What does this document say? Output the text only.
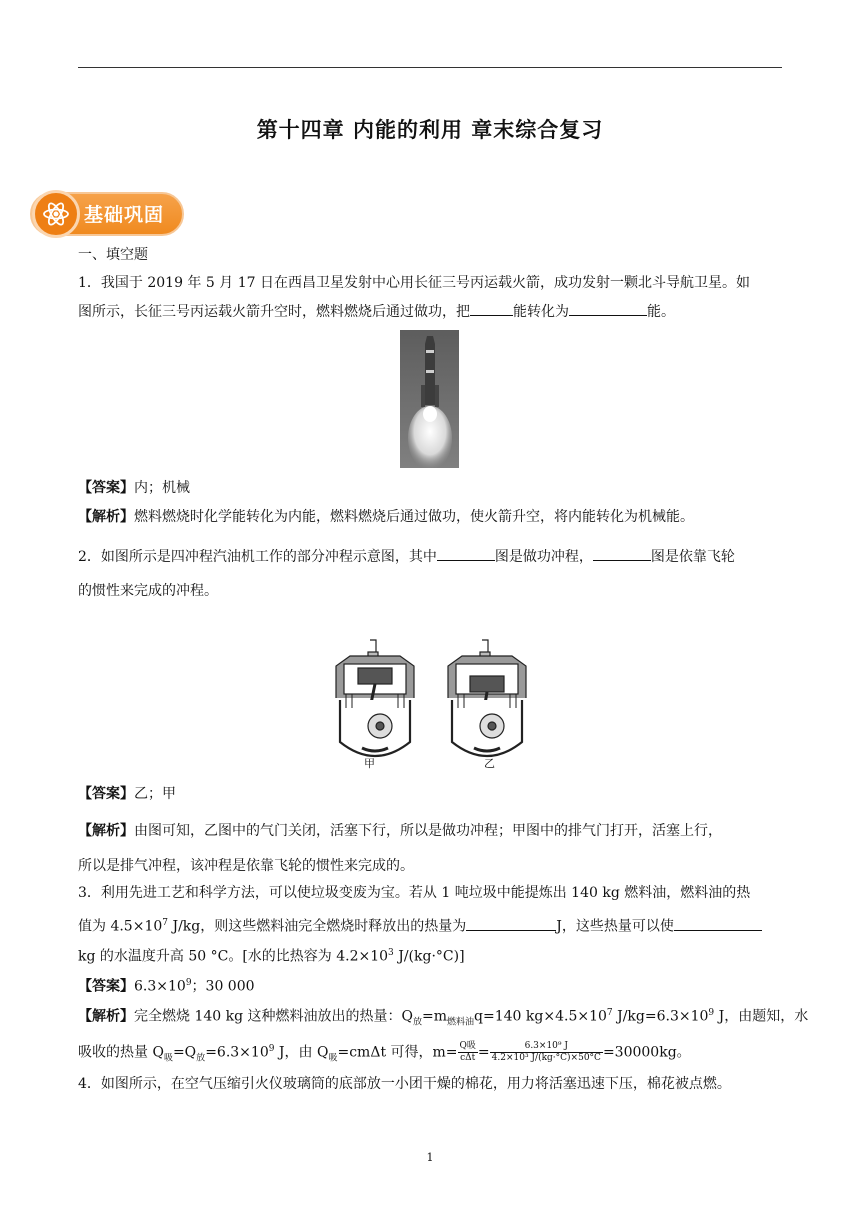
第十四章 内能的利用 章末综合复习
基础巩固
一、填空题
1．我国于 2019 年 5 月 17 日在西昌卫星发射中心用长征三号丙运载火箭，成功发射一颗北斗导航卫星。如
图所示，长征三号丙运载火箭升空时，燃料燃烧后通过做功，把	能转化为	能。
【答案】内；机械
【解析】燃料燃烧时化学能转化为内能，燃料燃烧后通过做功，使火箭升空，将内能转化为机械能。
2．如图所示是四冲程汽油机工作的部分冲程示意图，其中	图是做功冲程，	图是依靠飞轮
的惯性来完成的冲程。
甲	乙
【答案】乙；甲
【解析】由图可知，乙图中的气门关闭，活塞下行，所以是做功冲程；甲图中的排气门打开，活塞上行，
所以是排气冲程，该冲程是依靠飞轮的惯性来完成的。
3．利用先进工艺和科学方法，可以使垃圾变废为宝。若从 1 吨垃圾中能提炼出 140 kg 燃料油，燃料油的热
值为 $4.5\times 10^7$ J/kg，则这些燃料油完全燃烧时释放出的热量为	J，这些热量可以使
kg 的水温度升高 50 °C。[水的比热容为 $4.2\times 10^3$ J/(kg·°C)]
【答案】$6.3\times 10^9$；30 000
【解析】完全燃烧 140 kg 这种燃料油放出的热量：$Q_放=m_{燃料油}q=140$ $kg\times 4.5\times 10^7$ $J/kg=6.3\times 10^9$ J，由题知，水
吸收的热量 $Q_吸=Q_放=6.3\times 10^9$ J，由 $Q_吸=cm\Delta t$ 可得，$m= \frac{\text{Q吸}}{\text{cΔt}} = \frac{\text{6.3×10⁹ J}}{\text{4.2×10³ J/(kg·°C)×50°C}} =30000kg$。
4．如图所示，在空气压缩引火仪玻璃筒的底部放一小团干燥的棉花，用力将活塞迅速下压，棉花被点燃。
1
